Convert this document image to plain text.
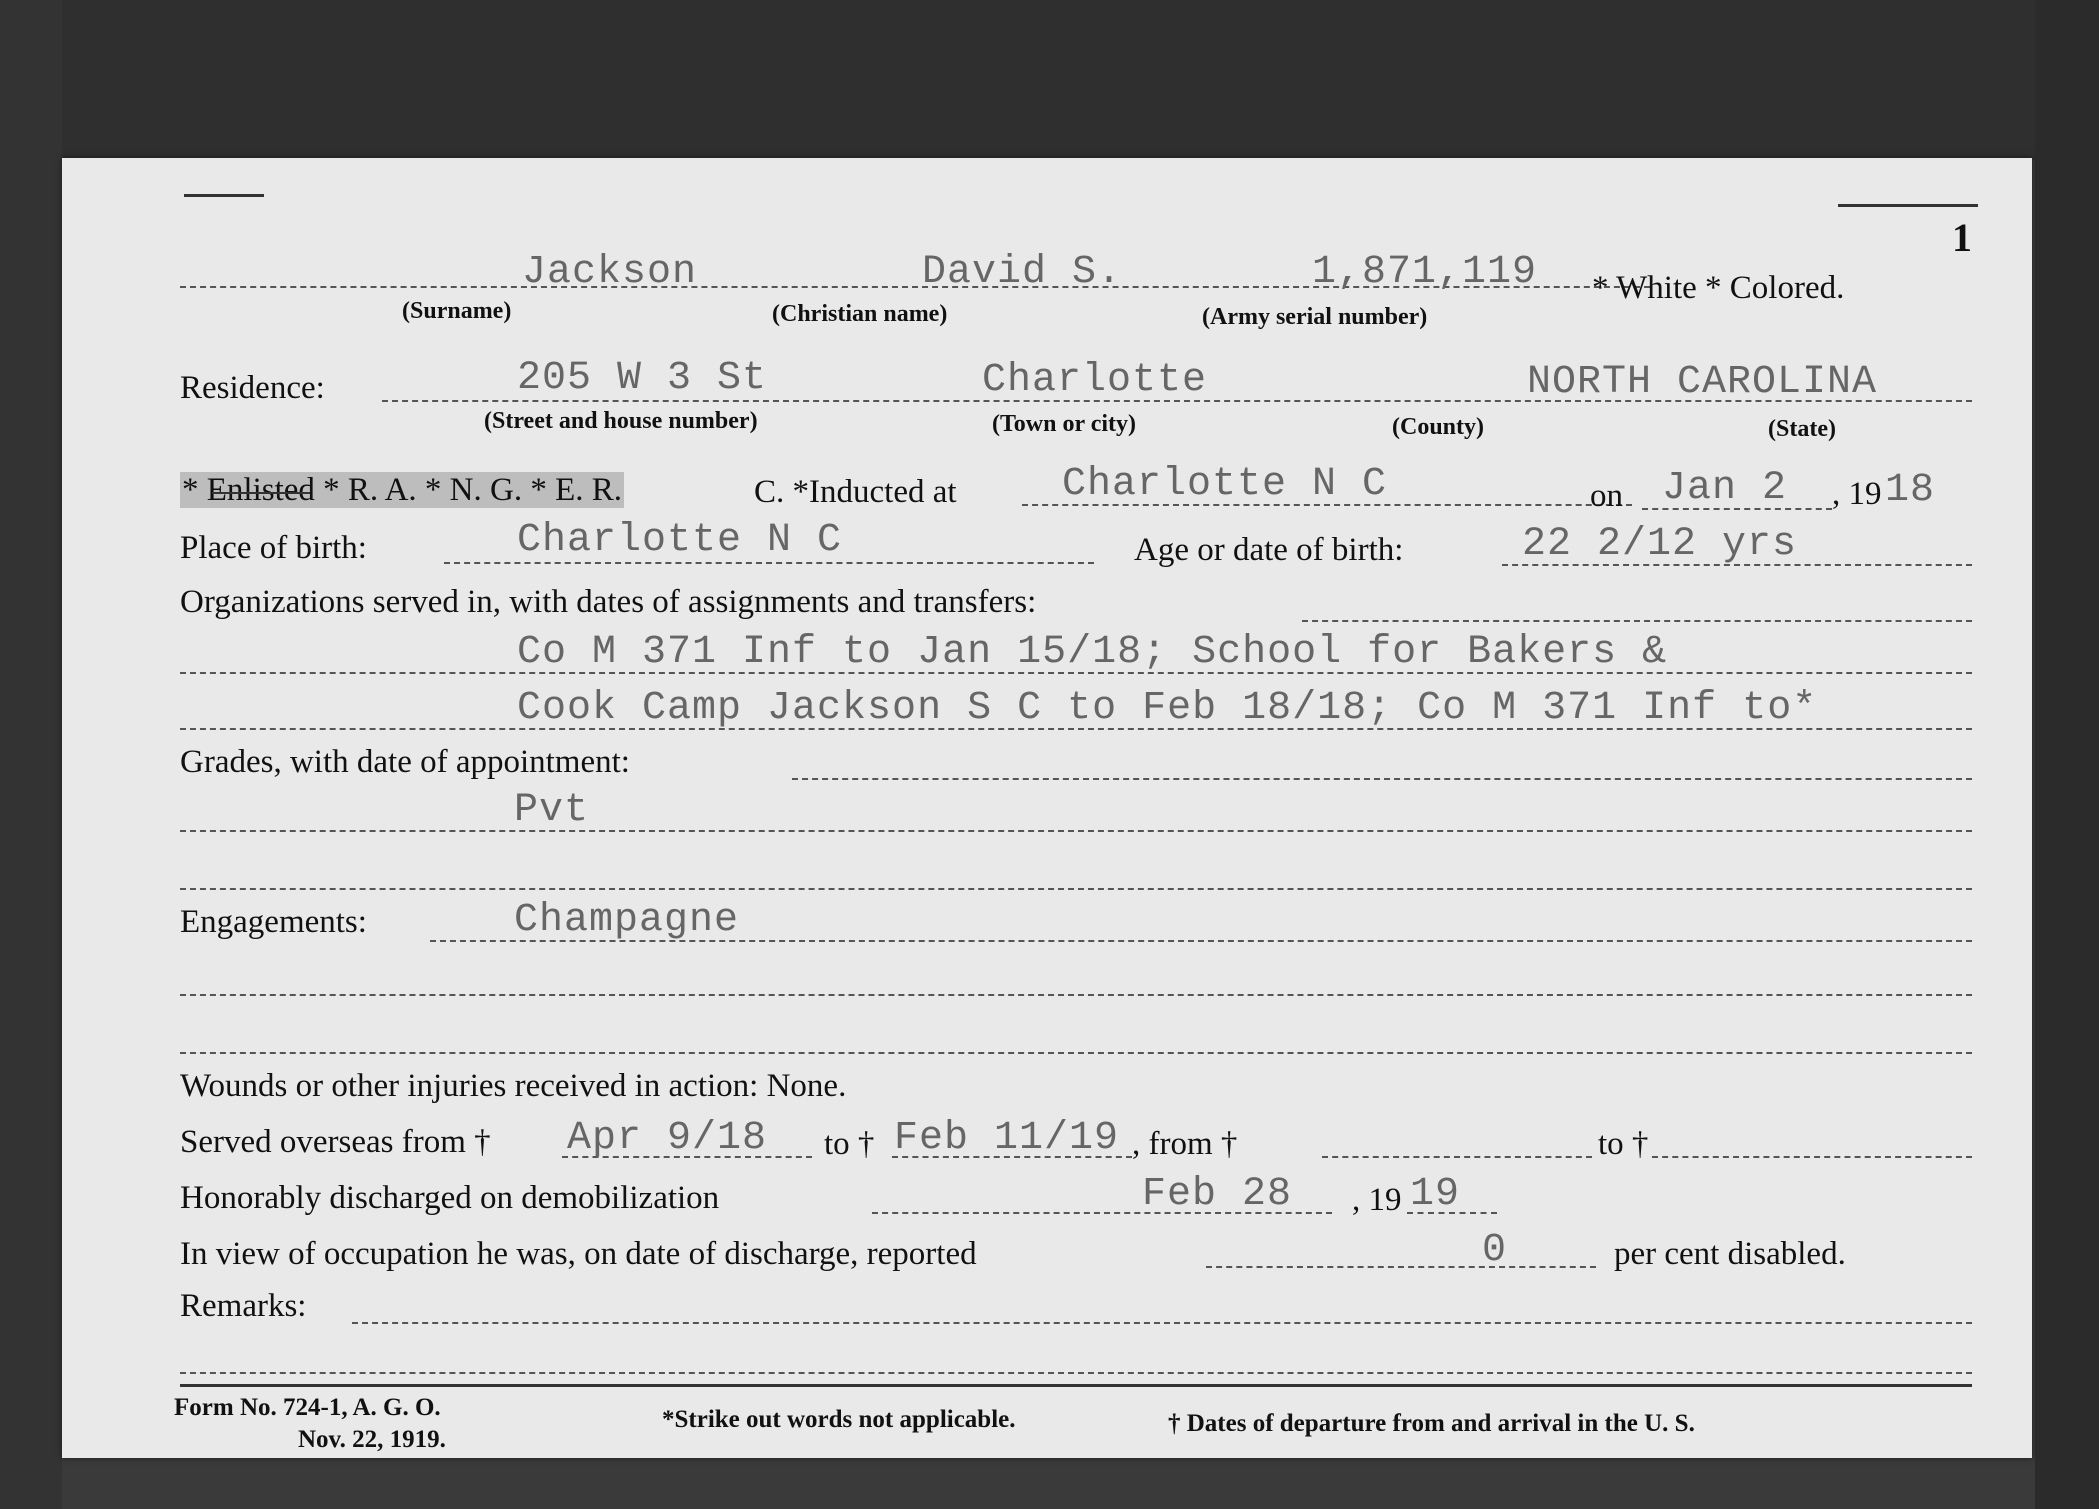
1
Jackson	David S.	1,871,119 * White * Colored.
(Surname)	(Christian name)	(Army serial number)
Residence:	205 W 3 St	Charlotte	NORTH CAROLINA
(Street and house number)	(Town or city)	(County)	(State)
* Enlisted * R. A. * N. G. * E. R.	C. *Inducted at	Charlotte N C	on Jan 2 , 19 18
Place of birth:	Charlotte N C	Age or date of birth:	22 2/12 yrs
Organizations served in, with dates of assignments and transfers:
Co M 371 Inf to Jan 15/18; School for Bakers &
Cook Camp Jackson S C to Feb 18/18; Co M 371 Inf to*
Grades, with date of appointment:
Pvt
Engagements:	Champagne
Wounds or other injuries received in action: None.
Served overseas from † Apr 9/18 to † Feb 11/19 , from †	to †
Honorably discharged on demobilization	Feb 28 , 19 19
In view of occupation he was, on date of discharge, reported	0	per cent disabled.
Remarks:
Form No. 724-1, A. G. O.
Nov. 22, 1919.
*Strike out words not applicable.	† Dates of departure from and arrival in the U. S.
